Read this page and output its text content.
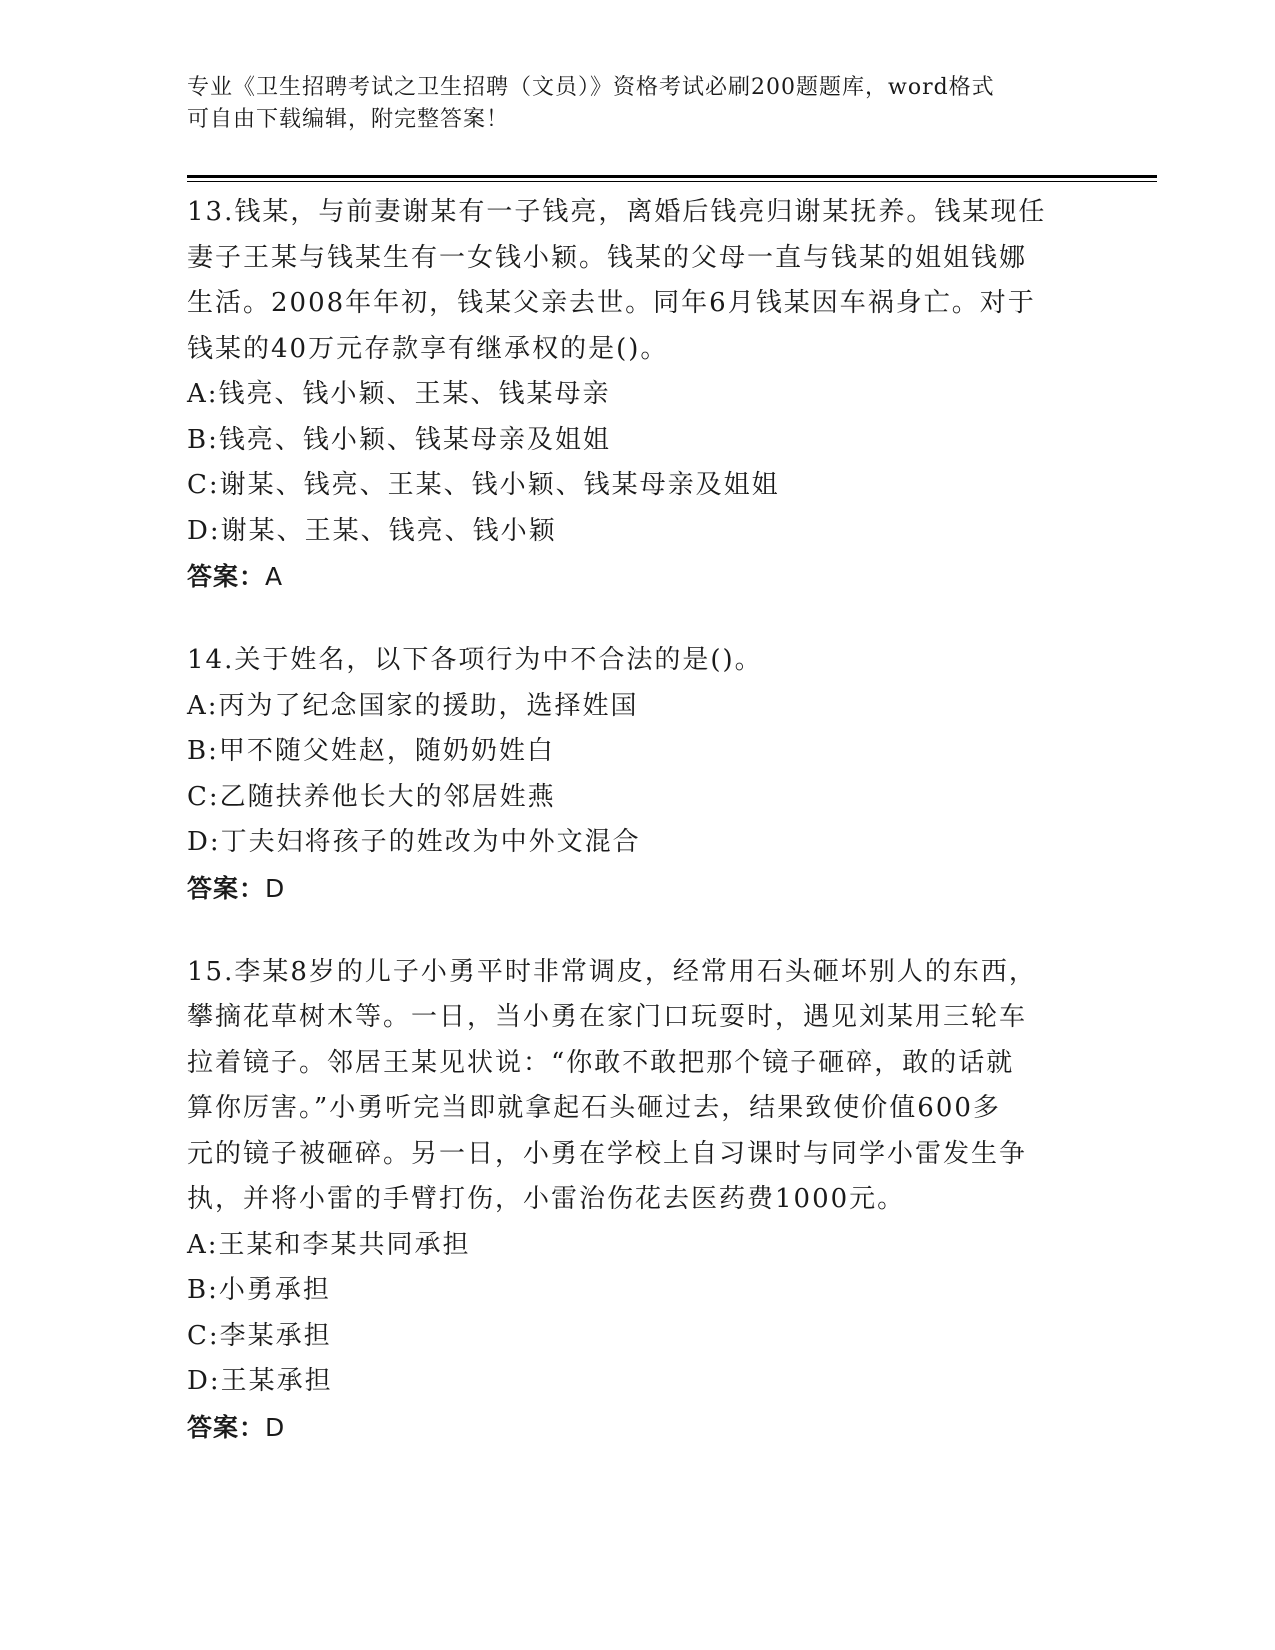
专业《卫生招聘考试之卫生招聘（文员）》资格考试必刷200题题库，word格式
可自由下载编辑，附完整答案！
13.钱某，与前妻谢某有一子钱亮，离婚后钱亮归谢某抚养。钱某现任
妻子王某与钱某生有一女钱小颖。钱某的父母一直与钱某的姐姐钱娜
生活。2008年年初，钱某父亲去世。同年6月钱某因车祸身亡。对于
钱某的40万元存款享有继承权的是()。
A:钱亮、钱小颖、王某、钱某母亲
B:钱亮、钱小颖、钱某母亲及姐姐
C:谢某、钱亮、王某、钱小颖、钱某母亲及姐姐
D:谢某、王某、钱亮、钱小颖
答案：A
14.关于姓名，以下各项行为中不合法的是()。
A:丙为了纪念国家的援助，选择姓国
B:甲不随父姓赵，随奶奶姓白
C:乙随扶养他长大的邻居姓燕
D:丁夫妇将孩子的姓改为中外文混合
答案：D
15.李某8岁的儿子小勇平时非常调皮，经常用石头砸坏别人的东西，
攀摘花草树木等。一日，当小勇在家门口玩耍时，遇见刘某用三轮车
拉着镜子。邻居王某见状说：“你敢不敢把那个镜子砸碎，敢的话就
算你厉害。”小勇听完当即就拿起石头砸过去，结果致使价值600多
元的镜子被砸碎。另一日，小勇在学校上自习课时与同学小雷发生争
执，并将小雷的手臂打伤，小雷治伤花去医药费1000元。
A:王某和李某共同承担
B:小勇承担
C:李某承担
D:王某承担
答案：D
